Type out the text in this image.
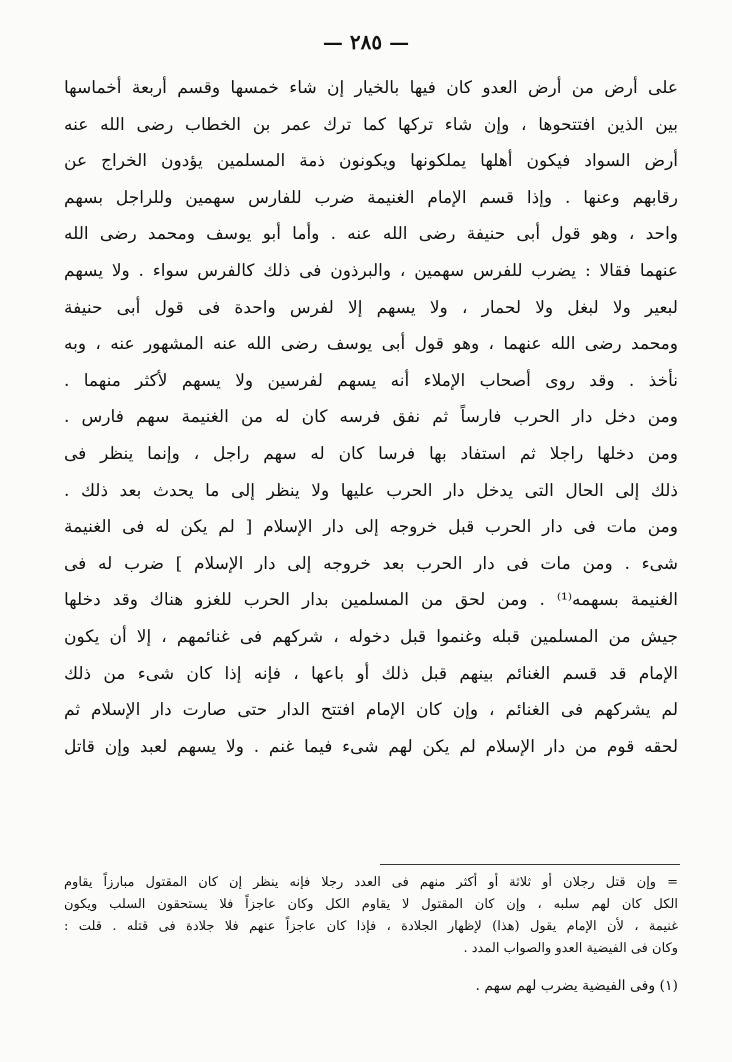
— ٢٨٥ —
على أرض من أرض العدو كان فيها بالخيار إن شاء خمسها وقسم أربعة أخماسها
بين الذين افتتحوها ، وإن شاء تركها كما ترك عمر بن الخطاب رضى الله عنه
أرض السواد فيكون أهلها يملكونها ويكونون ذمة المسلمين يؤدون الخراج عن
رقابهم وعنها . وإذا قسم الإمام الغنيمة ضرب للفارس سهمين وللراجل بسهم
واحد ، وهو قول أبى حنيفة رضى الله عنه . وأما أبو يوسف ومحمد رضى الله
عنهما فقالا : يضرب للفرس سهمين ، والبرذون فى ذلك كالفرس سواء . ولا يسهم
لبعير ولا لبغل ولا لحمار ، ولا يسهم إلا لفرس واحدة فى قول أبى حنيفة
ومحمد رضى الله عنهما ، وهو قول أبى يوسف رضى الله عنه المشهور عنه ، وبه
نأخذ . وقد روى أصحاب الإملاء أنه يسهم لفرسين ولا يسهم لأكثر منهما .
ومن دخل دار الحرب فارساً ثم نفق فرسه كان له من الغنيمة سهم فارس .
ومن دخلها راجلا ثم استفاد بها فرسا كان له سهم راجل ، وإنما ينظر فى
ذلك إلى الحال التى يدخل دار الحرب عليها ولا ينظر إلى ما يحدث بعد ذلك .
ومن مات فى دار الحرب قبل خروجه إلى دار الإسلام [ لم يكن له فى الغنيمة
شىء . ومن مات فى دار الحرب بعد خروجه إلى دار الإسلام ] ضرب له فى
الغنيمة بسهمه⁽¹⁾ . ومن لحق من المسلمين بدار الحرب للغزو هناك وقد دخلها
جيش من المسلمين قبله وغنموا قبل دخوله ، شركهم فى غنائمهم ، إلا أن يكون
الإمام قد قسم الغنائم بينهم قبل ذلك أو باعها ، فإنه إذا كان شىء من ذلك
لم يشركهم فى الغنائم ، وإن كان الإمام افتتح الدار حتى صارت دار الإسلام ثم
لحقه قوم من دار الإسلام لم يكن لهم شىء فيما غنم . ولا يسهم لعبد وإن قاتل
= وإن قتل رجلان أو ثلاثة أو أكثر منهم فى العدد رجلا فإنه ينظر إن كان المقتول مبارزاً يقاوم
الكل كان لهم سلبه ، وإن كان المقتول لا يقاوم الكل وكان عاجزاً فلا يستحقون السلب ويكون
غنيمة ، لأن الإمام يقول (هذا) لإظهار الجلادة ، فإذا كان عاجزاً عنهم فلا جلادة فى قتله . قلت :
وكان فى الفيضية العدو والصواب المدد .
(١) وفى الفيضية يضرب لهم سهم .
